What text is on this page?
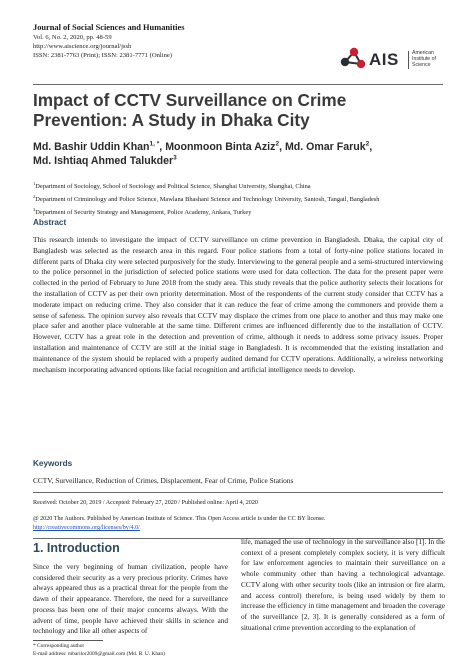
Journal of Social Sciences and Humanities
Vol. 6, No. 2, 2020, pp. 48-59
http://www.aiscience.org/journal/jssh
ISSN: 2381-7763 (Print); ISSN: 2381-7771 (Online)	AIS	American
Institute of
Science
Impact of CCTV Surveillance on Crime Prevention: A Study in Dhaka City
Md. Bashir Uddin Khan$^{1, *}$, Moonmoon Binta Aziz$^2$, Md. Omar Faruk$^2$,
Md. Ishtiaq Ahmed Talukder$^3$
$^1$Department of Sociology, School of Sociology and Political Science, Shanghai University, Shanghai, China
$^2$Department of Criminology and Police Science, Mawlana Bhashani Science and Technology University, Santosh, Tangail, Bangladesh
$^3$Department of Security Strategy and Management, Police Academy, Ankara, Turkey
Abstract
This research intends to investigate the impact of CCTV surveillance on crime prevention in Bangladesh. Dhaka, the capital city of Bangladesh was selected as the research area in this regard. Four police stations from a total of forty-nine police stations located in different parts of Dhaka city were selected purposively for the study. Interviewing to the general people and a semi-structured interviewing to the police personnel in the jurisdiction of selected police stations were used for data collection. The data for the present paper were collected in the period of February to June 2018 from the study area. This study reveals that the police authority selects their locations for the installation of CCTV as per their own priority determination. Most of the respondents of the current study consider that CCTV has a moderate impact on reducing crime. They also consider that it can reduce the fear of crime among the commoners and provide them a sense of safeness. The opinion survey also reveals that CCTV may displace the crimes from one place to another and thus may make one place safer and another place vulnerable at the same time. Different crimes are influenced differently due to the installation of CCTV. However, CCTV has a great role in the detection and prevention of crime, although it needs to address some privacy issues. Proper installation and maintenance of CCTV are still at the initial stage in Bangladesh. It is recommended that the existing installation and maintenance of the system should be replaced with a properly audited demand for CCTV operations. Additionally, a wireless networking mechanism incorporating advanced options like facial recognition and artificial intelligence needs to develop.
Keywords
CCTV, Surveillance, Reduction of Crimes, Displacement, Fear of Crime, Police Stations
Received: October 20, 2019 / Accepted: February 27, 2020 / Published online: April 4, 2020
@ 2020 The Authors. Published by American Institute of Science. This Open Access article is under the CC BY license.
http://creativecommons.org/licenses/by/4.0/
1. Introduction
Since the very beginning of human civilization, people have considered their security as a very precious priority. Crimes have always appeared thus as a practical threat for the people from the dawn of their appearance. Therefore, the need for a surveillance process has been one of their major concerns always. With the advent of time, people have achieved their skills in science and technology and like all other aspects of
life, managed the use of technology in the surveillance also [1]. In the context of a present completely complex society, it is very difficult for law enforcement agencies to maintain their surveillance on a whole community other than having a technological advantage. CCTV along with other security tools (like an intrusion or fire alarm, and access control) therefore, is being used widely by them to increase the efficiency in time management and broaden the coverage of the surveillance [2, 3]. It is generally considered as a form of situational crime prevention according to the explanation of
* Corresponding author
E-mail address: mbarilor2009@gmail.com (Md. B. U. Khan)
